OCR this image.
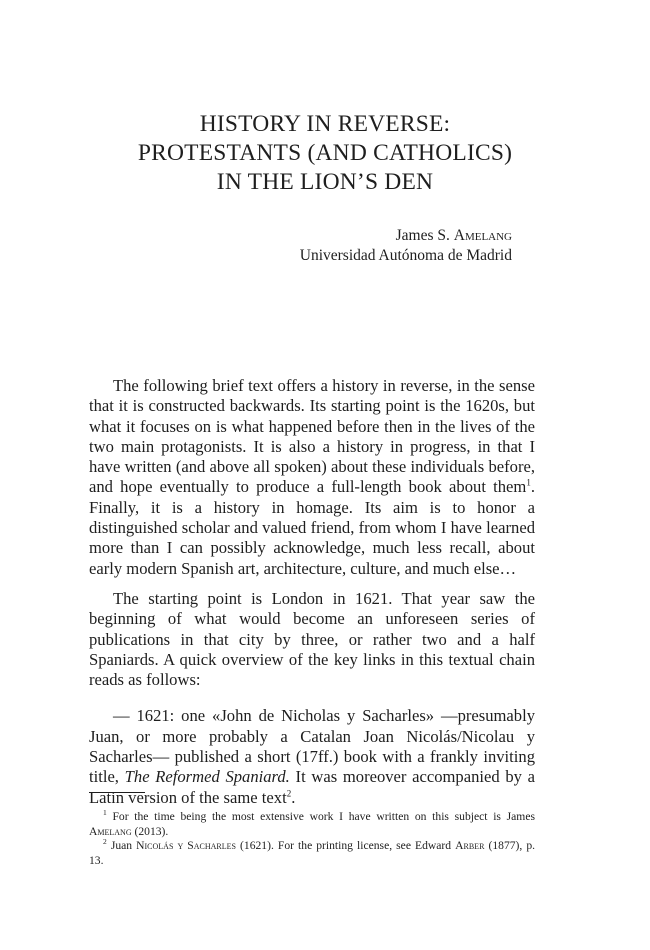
HISTORY IN REVERSE:
PROTESTANTS (AND CATHOLICS)
IN THE LION’S DEN
James S. Amelang
Universidad Autónoma de Madrid

The following brief text offers a history in reverse, in the sense that it is constructed backwards. Its starting point is the 1620s, but what it focuses on is what happened before then in the lives of the two main protagonists. It is also a history in progress, in that I have written (and above all spoken) about these individuals before, and hope eventually to produce a full-length book about them$^1$. Finally, it is a history in homage. Its aim is to honor a distinguished scholar and valued friend, from whom I have learned more than I can possibly acknowledge, much less recall, about early modern Spanish art, architecture, culture, and much else…

The starting point is London in 1621. That year saw the beginning of what would become an unforeseen series of publications in that city by three, or rather two and a half Spaniards. A quick overview of the key links in this textual chain reads as follows:

— 1621: one «John de Nicholas y Sacharles» —presumably Juan, or more probably a Catalan Joan Nicolás/Nicolau y Sacharles— published a short (17ff.) book with a frankly inviting title, The Reformed Spaniard. It was moreover accompanied by a Latin version of the same text$^2$.

$^1$ For the time being the most extensive work I have written on this subject is James Amelang (2013).

$^2$ Juan Nicolás y Sacharles (1621). For the printing license, see Edward Arber (1877), p. 13.
